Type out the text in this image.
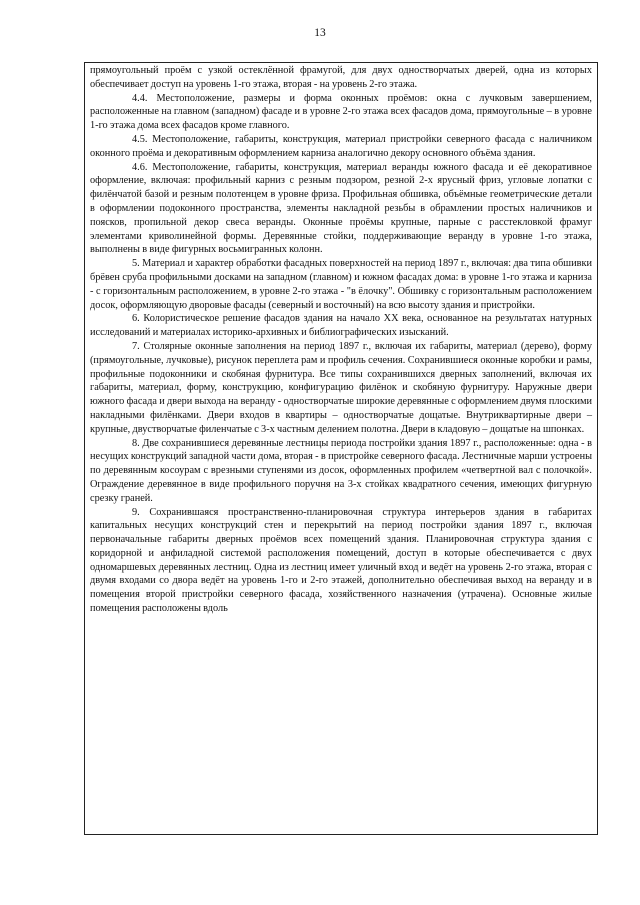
13

прямоугольный проём с узкой остеклённой фрамугой, для двух одностворчатых дверей, одна из которых обеспечивает доступ на уровень 1-го этажа, вторая - на уровень 2-го этажа.

4.4. Местоположение, размеры и форма оконных проёмов: окна с лучковым завершением, расположенные на главном (западном) фасаде и в уровне 2-го этажа всех фасадов дома, прямоугольные – в уровне 1-го этажа дома всех фасадов кроме главного.

4.5. Местоположение, габариты, конструкция, материал пристройки северного фасада с наличником оконного проёма и декоративным оформлением карниза аналогично декору основного объёма здания.

4.6. Местоположение, габариты, конструкция, материал веранды южного фасада и её декоративное оформление, включая: профильный карниз с резным подзором, резной 2-х ярусный фриз, угловые лопатки с филёнчатой базой и резным полотенцем в уровне фриза. Профильная обшивка, объёмные геометрические детали в оформлении подоконного пространства, элементы накладной резьбы в обрамлении простых наличников и поясков, пропильной декор свеса веранды. Оконные проёмы крупные, парные с расстекловкой фрамуг элементами криволинейной формы. Деревянные стойки, поддерживающие веранду в уровне 1-го этажа, выполнены в виде фигурных восьмигранных колонн.

5. Материал и характер обработки фасадных поверхностей на период 1897 г., включая: два типа обшивки брёвен сруба профильными досками на западном (главном) и южном фасадах дома: в уровне 1-го этажа и карниза - с горизонтальным расположением, в уровне 2-го этажа - "в ёлочку". Обшивку с горизонтальным расположением досок, оформляющую дворовые фасады (северный и восточный) на всю высоту здания и пристройки.

6. Колористическое решение фасадов здания на начало ХХ века, основанное на результатах натурных исследований и материалах историко-архивных и библиографических изысканий.

7. Столярные оконные заполнения на период 1897 г., включая их габариты, материал (дерево), форму (прямоугольные, лучковые), рисунок переплета рам и профиль сечения. Сохранившиеся оконные коробки и рамы, профильные подоконники и скобяная фурнитура. Все типы сохранившихся дверных заполнений, включая их габариты, материал, форму, конструкцию, конфигурацию филёнок и скобяную фурнитуру. Наружные двери южного фасада и двери выхода на веранду - одностворчатые широкие деревянные с оформлением двумя плоскими накладными филёнками. Двери входов в квартиры – одностворчатые дощатые. Внутриквартирные двери – крупные, двустворчатые филенчатые с 3-х частным делением полотна. Двери в кладовую – дощатые на шпонках.

8. Две сохранившиеся деревянные лестницы периода постройки здания 1897 г., расположенные: одна - в несущих конструкций западной части дома, вторая - в пристройке северного фасада. Лестничные марши устроены по деревянным косоурам с врезными ступенями из досок, оформленных профилем «четвертной вал с полочкой». Ограждение деревянное в виде профильного поручня на 3-х стойках квадратного сечения, имеющих фигурную срезку граней.

9. Сохранившаяся пространственно-планировочная структура интерьеров здания в габаритах капитальных несущих конструкций стен и перекрытий на период постройки здания 1897 г., включая первоначальные габариты дверных проёмов всех помещений здания. Планировочная структура здания с коридорной и анфиладной системой расположения помещений, доступ в которые обеспечивается с двух одномаршевых деревянных лестниц. Одна из лестниц имеет уличный вход и ведёт на уровень 2-го этажа, вторая с двумя входами со двора ведёт на уровень 1-го и 2-го этажей, дополнительно обеспечивая выход на веранду и в помещения второй пристройки северного фасада, хозяйственного назначения (утрачена). Основные жилые помещения расположены вдоль
